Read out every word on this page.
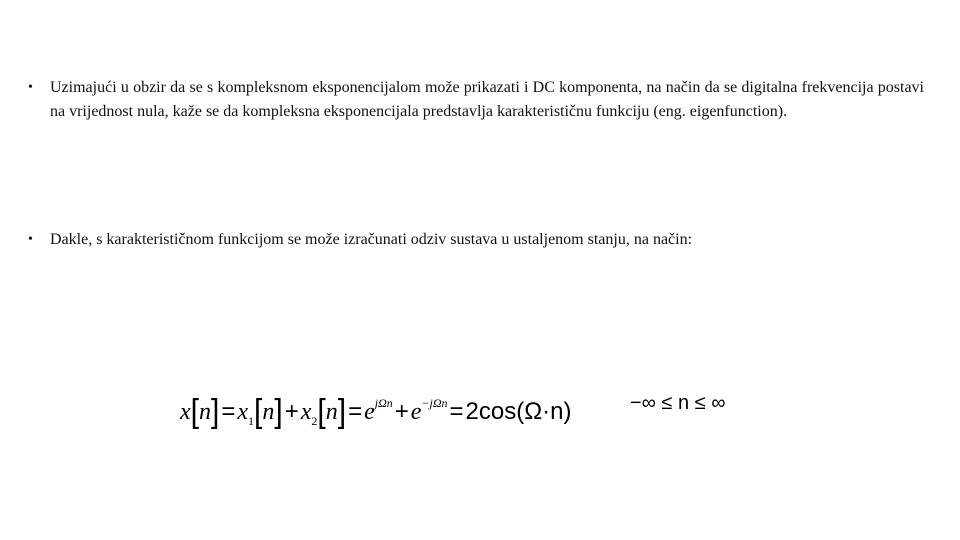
•	Uzimajući u obzir da se s kompleksnom eksponencijalom može prikazati i DC komponenta, na način da se digitalna frekvencija postavi na vrijednost nula, kaže se da kompleksna eksponencijala predstavlja karakterističnu funkciju (eng. eigenfunction).
•	Dakle, s karakterističnom funkcijom se može izračunati odziv sustava u ustaljenom stanju, na način:
$x[n]=x_1[n]+x_2[n]=e^{j\Omega n}+e^{-j\Omega n}=2\cos(\Omega\cdot n)$	−∞ ≤ n ≤ ∞
